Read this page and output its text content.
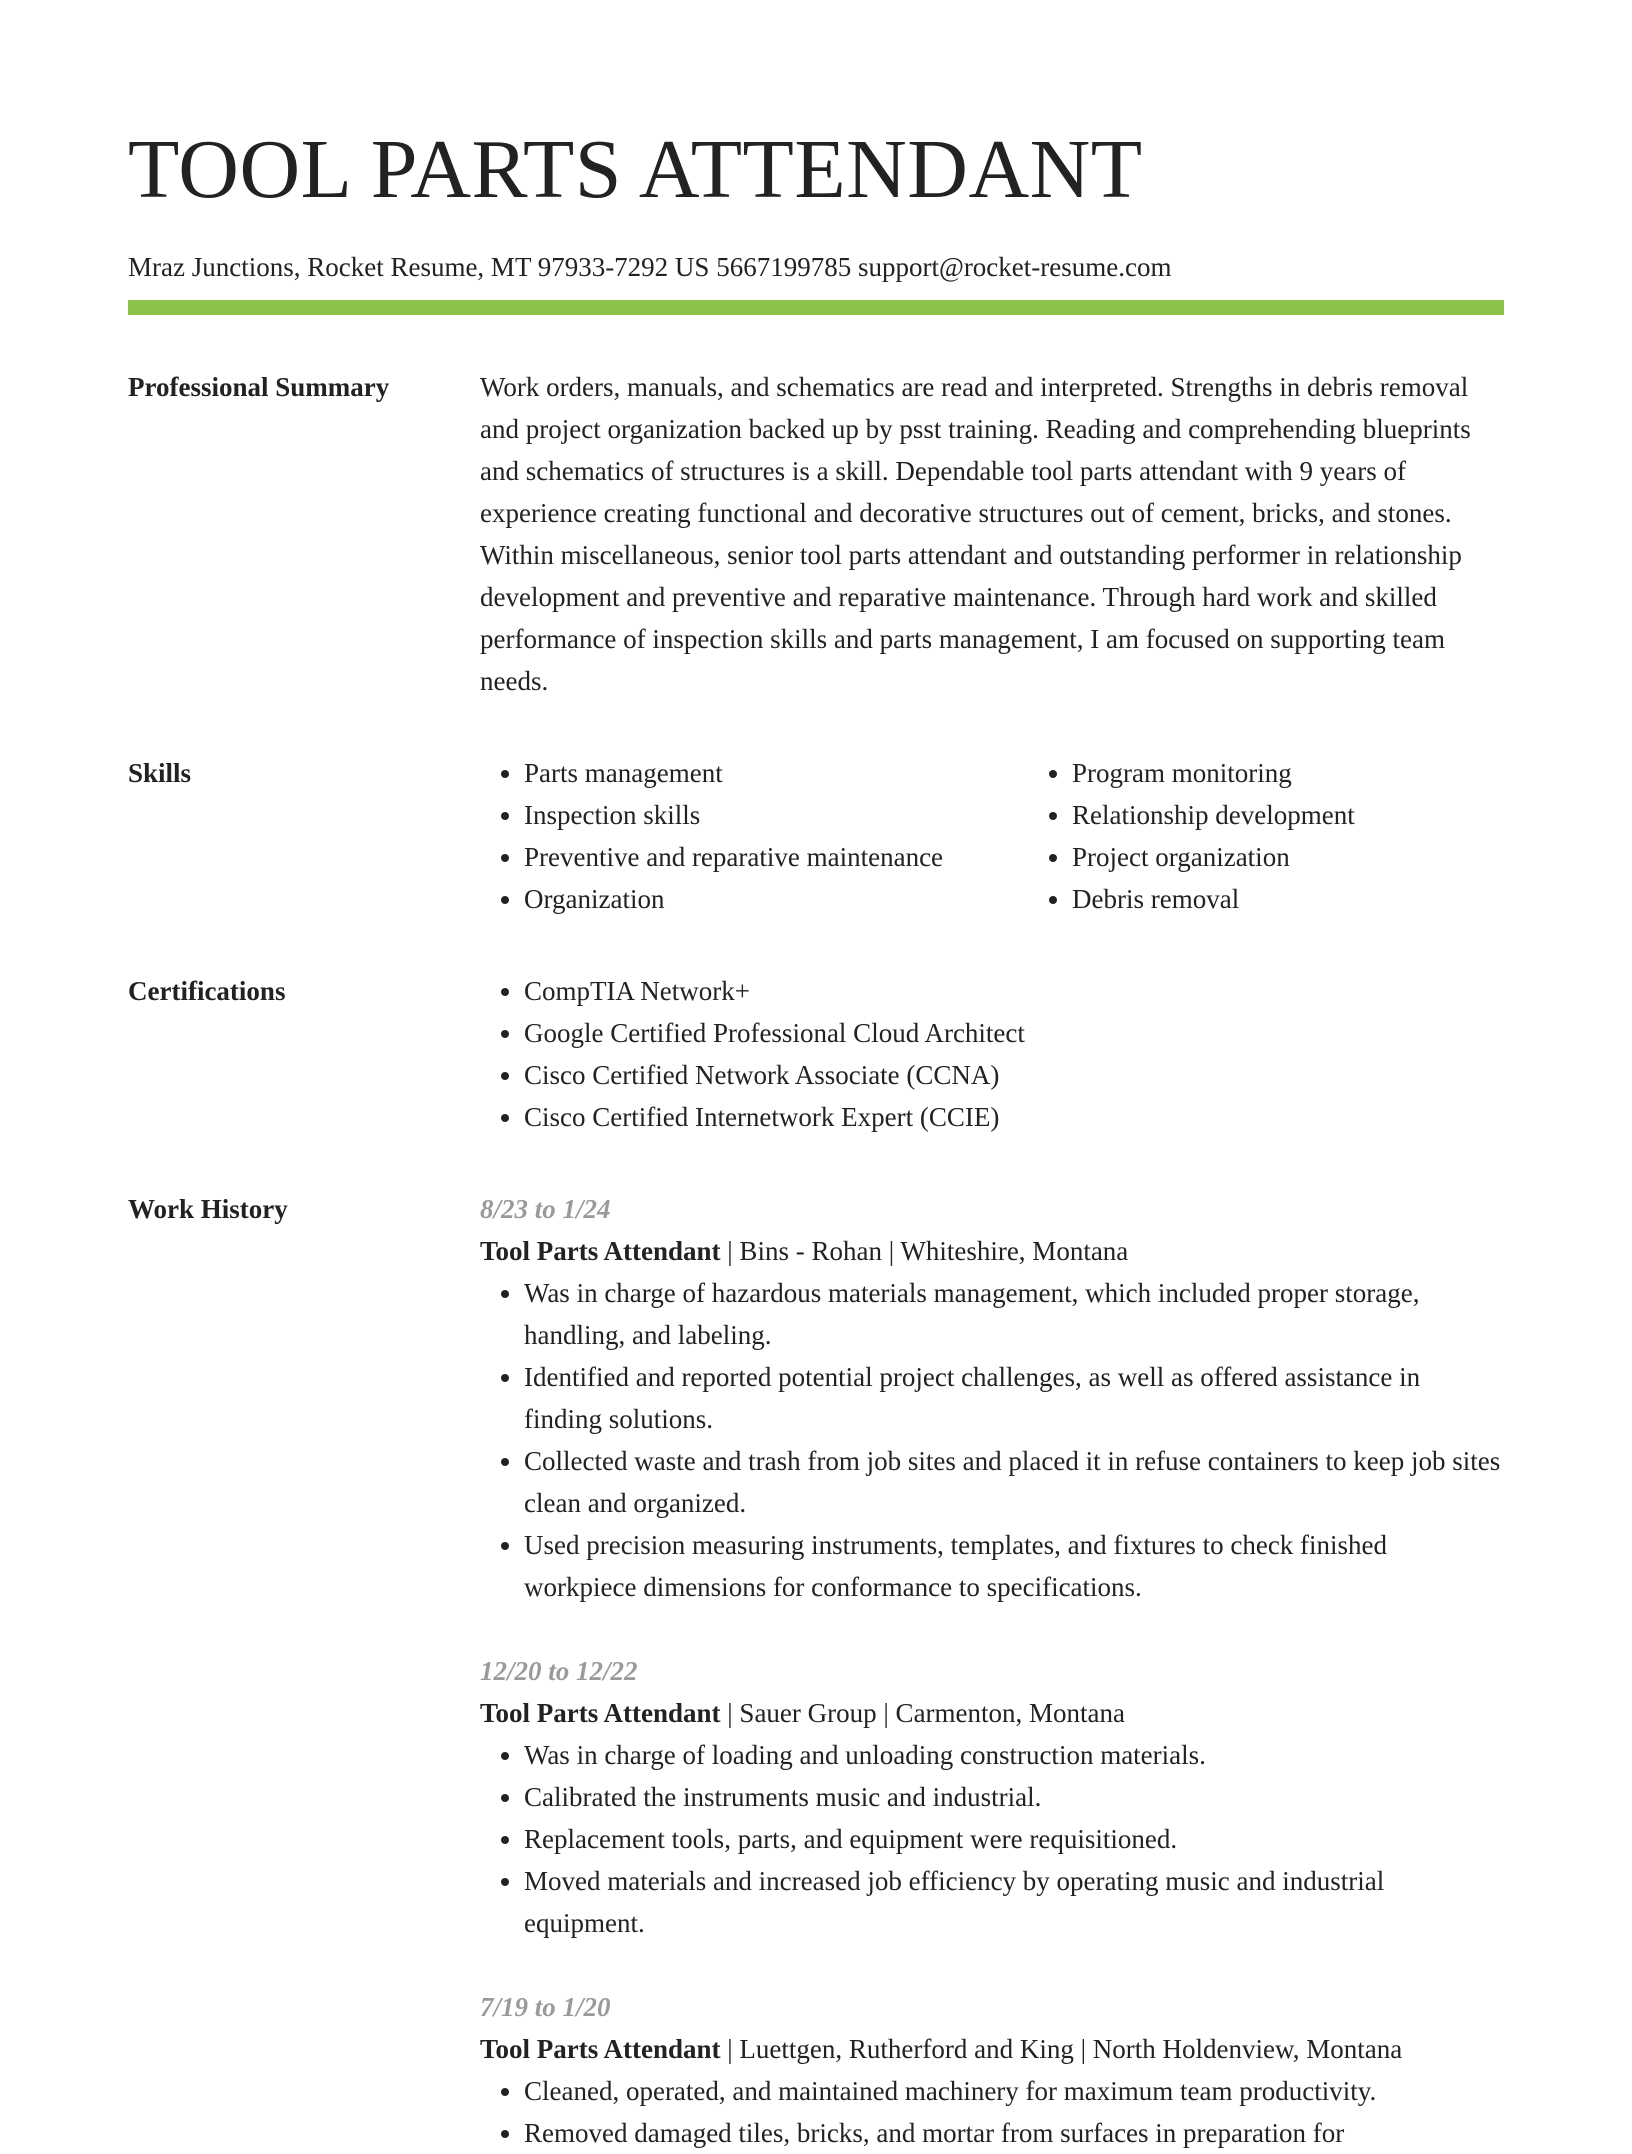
TOOL PARTS ATTENDANT
Mraz Junctions, Rocket Resume, MT 97933-7292 US 5667199785 support@rocket-resume.com
Professional Summary	Work orders, manuals, and schematics are read and interpreted. Strengths in debris removal and project organization backed up by psst training. Reading and comprehending blueprints and schematics of structures is a skill. Dependable tool parts attendant with 9 years of experience creating functional and decorative structures out of cement, bricks, and stones. Within miscellaneous, senior tool parts attendant and outstanding performer in relationship development and preventive and reparative maintenance. Through hard work and skilled performance of inspection skills and parts management, I am focused on supporting team needs.

Skills	• Parts management
• Inspection skills
• Preventive and reparative maintenance
• Organization
• Program monitoring
• Relationship development
• Project organization
• Debris removal
Certifications	• CompTIA Network+
• Google Certified Professional Cloud Architect
• Cisco Certified Network Associate (CCNA)
• Cisco Certified Internetwork Expert (CCIE)
Work History	8/23 to 1/24
Tool Parts Attendant | Bins - Rohan | Whiteshire, Montana
• Was in charge of hazardous materials management, which included proper storage, handling, and labeling.
• Identified and reported potential project challenges, as well as offered assistance in finding solutions.
• Collected waste and trash from job sites and placed it in refuse containers to keep job sites clean and organized.
• Used precision measuring instruments, templates, and fixtures to check finished workpiece dimensions for conformance to specifications.
12/20 to 12/22
Tool Parts Attendant | Sauer Group | Carmenton, Montana
• Was in charge of loading and unloading construction materials.
• Calibrated the instruments music and industrial.
• Replacement tools, parts, and equipment were requisitioned.
• Moved materials and increased job efficiency by operating music and industrial equipment.
7/19 to 1/20
Tool Parts Attendant | Luettgen, Rutherford and King | North Holdenview, Montana
• Cleaned, operated, and maintained machinery for maximum team productivity.
• Removed damaged tiles, bricks, and mortar from surfaces in preparation for
